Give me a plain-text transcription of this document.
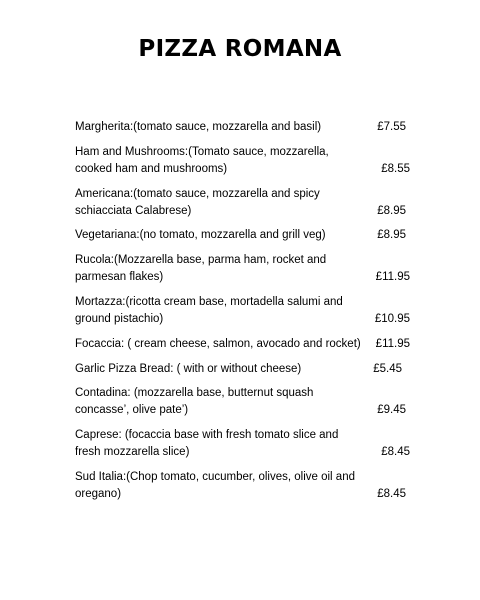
PIZZA ROMANA
Margherita:(tomato sauce, mozzarella and basil)	£7.55
Ham and Mushrooms:(Tomato sauce, mozzarella, cooked ham and mushrooms)	£8.55
Americana:(tomato sauce, mozzarella and spicy schiacciata Calabrese)	£8.95
Vegetariana:(no tomato, mozzarella and grill veg)	£8.95
Rucola:(Mozzarella base, parma ham, rocket and parmesan flakes)	£11.95
Mortazza:(ricotta cream base, mortadella salumi and ground pistachio)	£10.95
Focaccia: ( cream cheese, salmon, avocado and rocket)	£11.95
Garlic Pizza Bread: ( with or without cheese)	£5.45
Contadina: (mozzarella base, butternut squash concasse’, olive pate’)	£9.45
Caprese: (focaccia base with fresh tomato slice and fresh mozzarella slice)	£8.45
Sud Italia:(Chop tomato, cucumber, olives, olive oil and oregano)	£8.45
